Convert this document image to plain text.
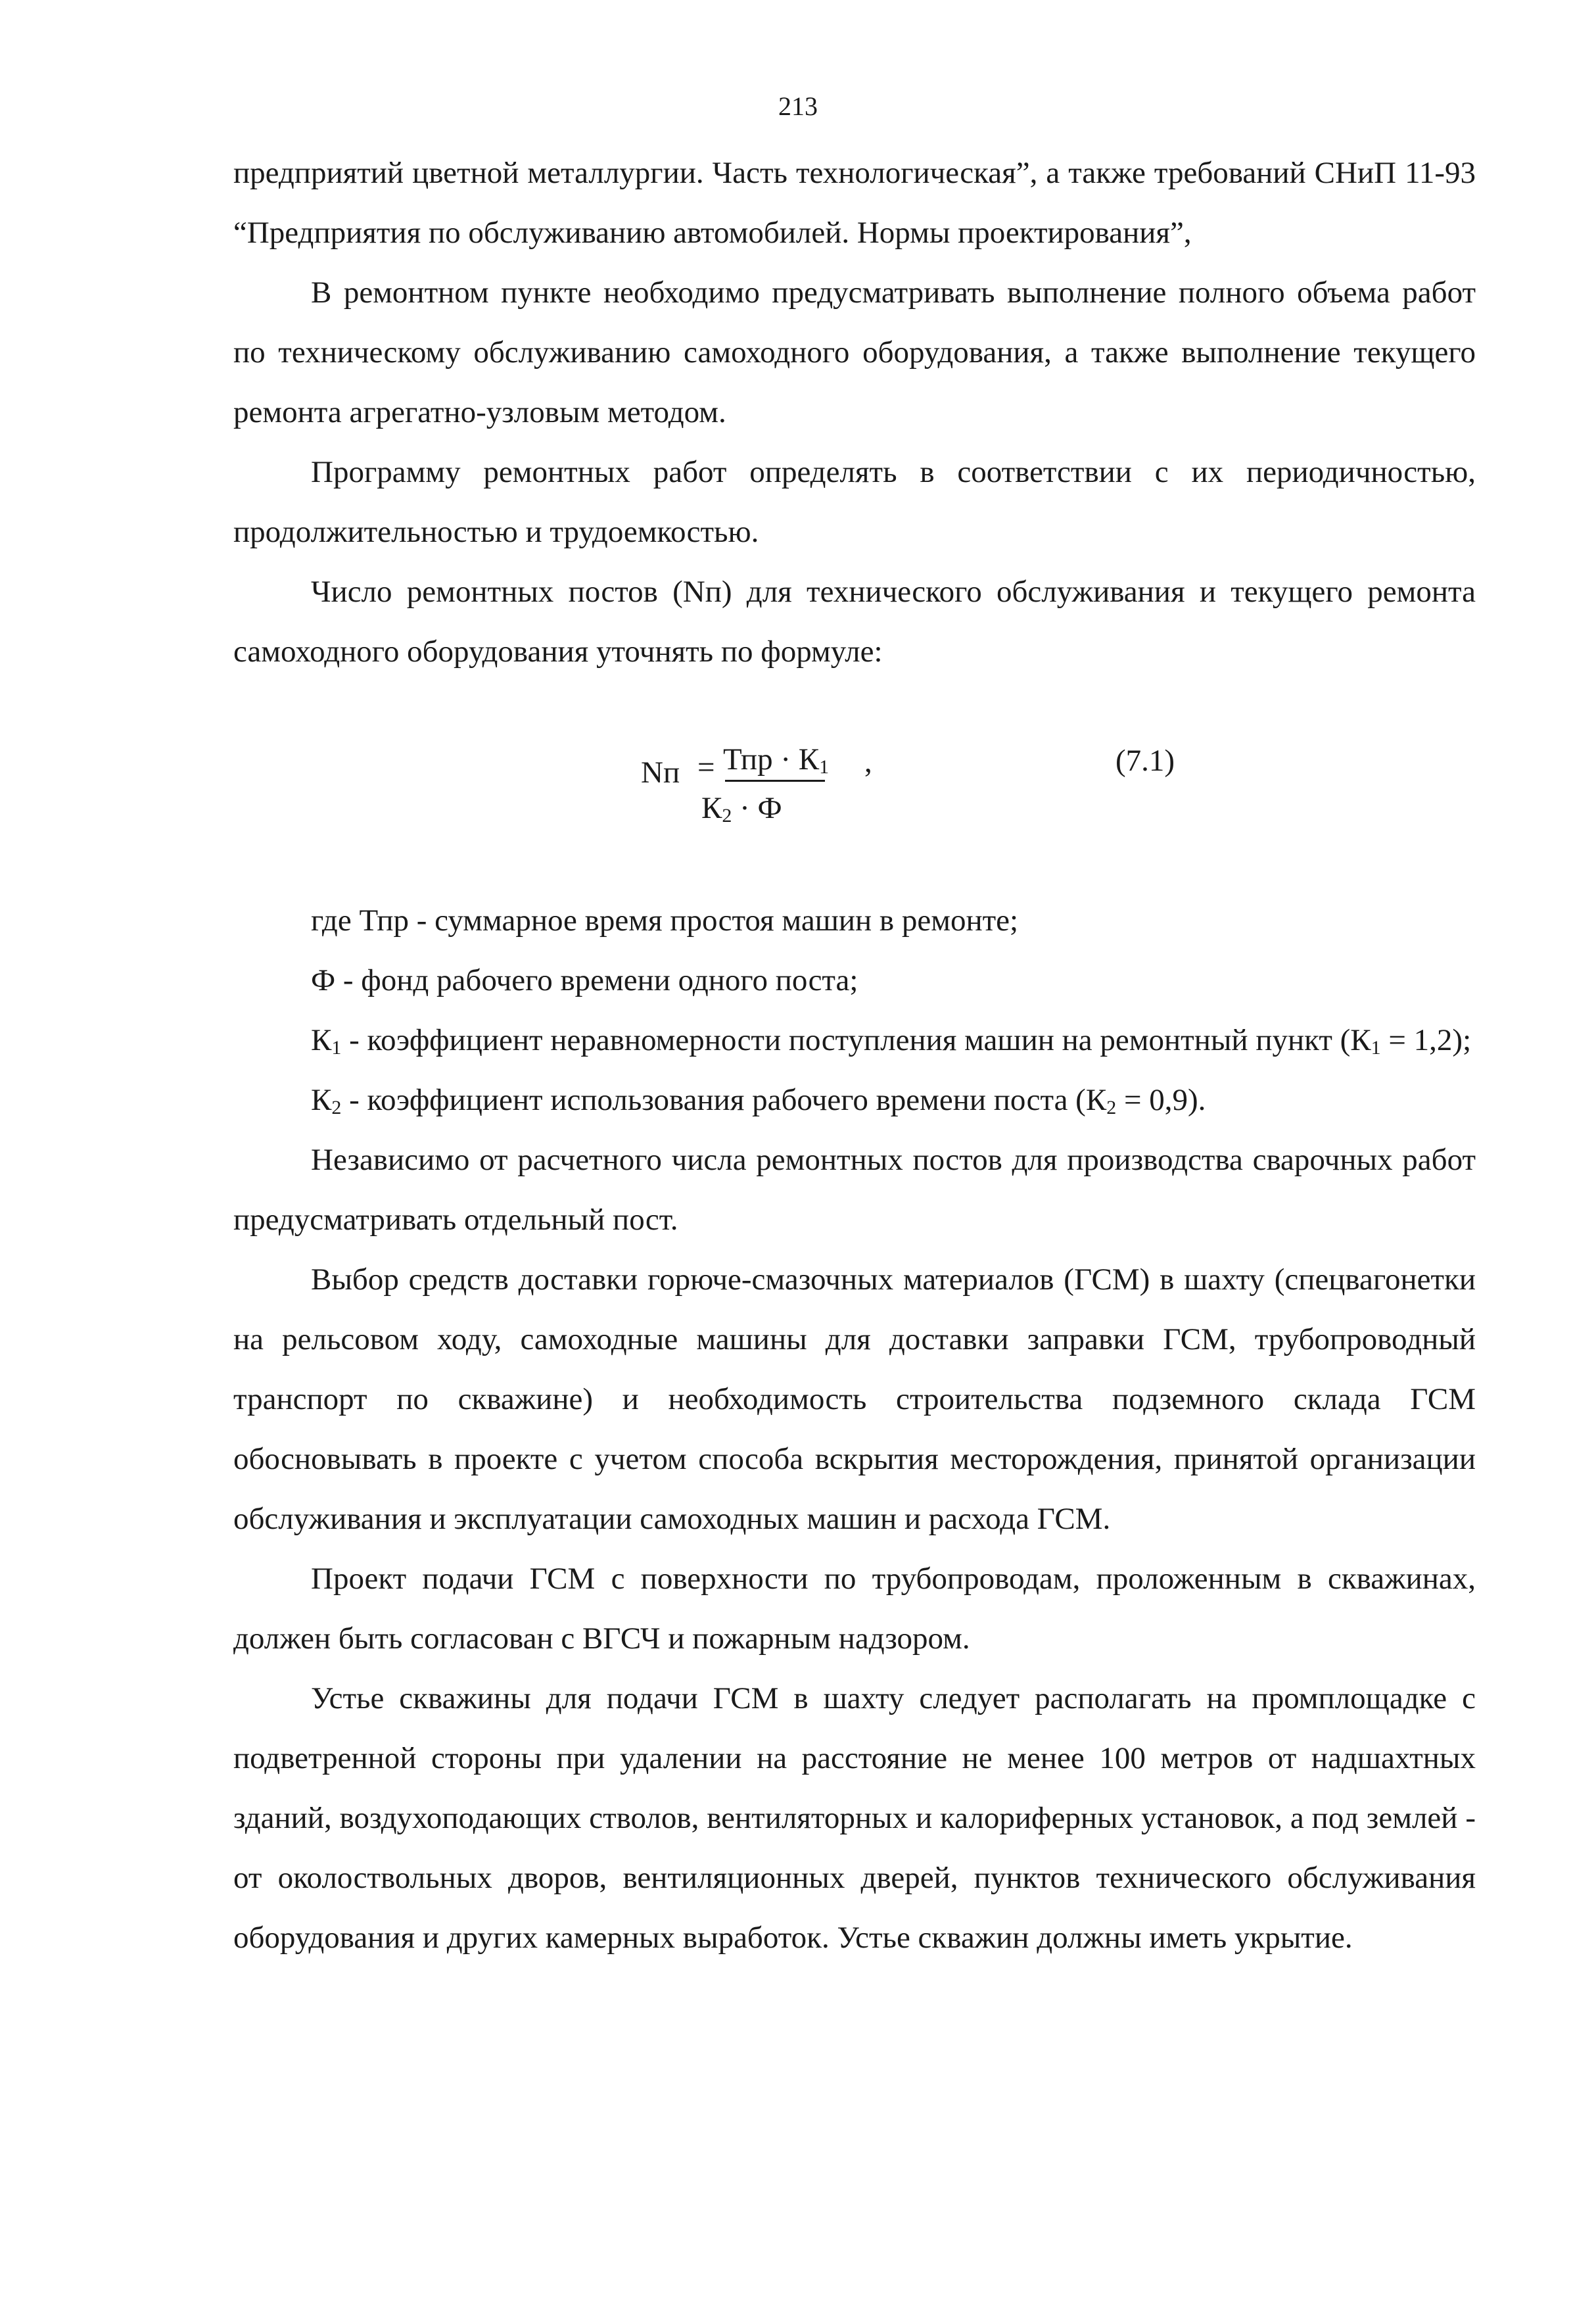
213

предприятий цветной металлургии. Часть технологическая”, а также требований СНиП 11-93 “Предприятия по обслуживанию автомобилей. Нормы проектирования”,

В ремонтном пункте необходимо предусматривать выполнение полного объема работ по техническому обслуживанию самоходного оборудования, а также выполнение текущего ремонта агрегатно-узловым методом.

Программу ремонтных работ определять в соответствии с их периодичностью, продолжительностью и трудоемкостью.

Число ремонтных постов (Nп) для технического обслуживания и текущего ремонта самоходного оборудования уточнять по формуле:

Nп = Тпр · $К_1$
$К_2 \cdot Ф$
,	(7.1)

где Тпр - суммарное время простоя машин в ремонте;

Ф - фонд рабочего времени одного поста;

$К_1$ - коэффициент неравномерности поступления машин на ремонтный пункт $(К_1 = 1,2)$;

$К_2$ - коэффициент использования рабочего времени поста $(К_2 = 0,9)$.

Независимо от расчетного числа ремонтных постов для производства сварочных работ предусматривать отдельный пост.

Выбор средств доставки горюче-смазочных материалов (ГСМ) в шахту (спецвагонетки на рельсовом ходу, самоходные машины для доставки заправки ГСМ, трубопроводный транспорт по скважине) и необходимость строительства подземного склада ГСМ обосновывать в проекте с учетом способа вскрытия месторождения, принятой организации обслуживания и эксплуатации самоходных машин и расхода ГСМ.

Проект подачи ГСМ с поверхности по трубопроводам, проложенным в скважинах, должен быть согласован с ВГСЧ и пожарным надзором.

Устье скважины для подачи ГСМ в шахту следует располагать на промплощадке с подветренной стороны при удалении на расстояние не менее 100 метров от надшахтных зданий, воздухоподающих стволов, вентиляторных и калориферных установок, а под землей - от околоствольных дворов, вентиляционных дверей, пунктов технического обслуживания оборудования и других камерных выработок. Устье скважин должны иметь укрытие.
